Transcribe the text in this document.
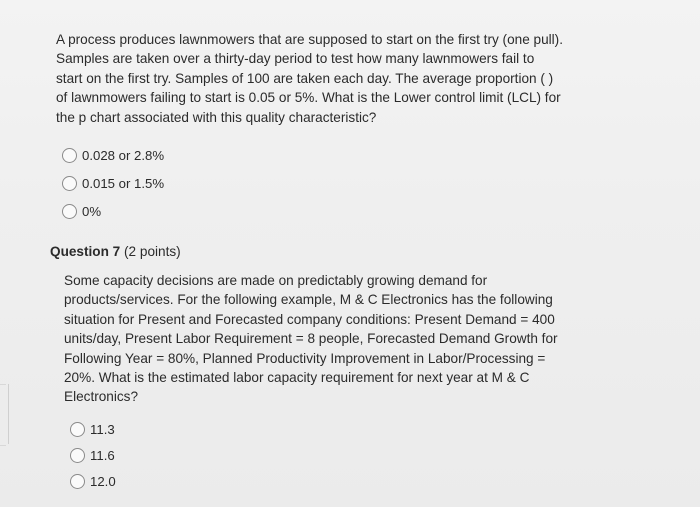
A process produces lawnmowers that are supposed to start on the first try (one pull).
Samples are taken over a thirty-day period to test how many lawnmowers fail to
start on the first try. Samples of 100 are taken each day. The average proportion ( )
of lawnmowers failing to start is 0.05 or 5%. What is the Lower control limit (LCL) for
the p chart associated with this quality characteristic?
0.028 or 2.8%
0.015 or 1.5%
0%
Question 7 (2 points)
Some capacity decisions are made on predictably growing demand for
products/services. For the following example, M & C Electronics has the following
situation for Present and Forecasted company conditions: Present Demand = 400
units/day, Present Labor Requirement = 8 people, Forecasted Demand Growth for
Following Year = 80%, Planned Productivity Improvement in Labor/Processing =
20%. What is the estimated labor capacity requirement for next year at M & C
Electronics?
11.3
11.6
12.0
